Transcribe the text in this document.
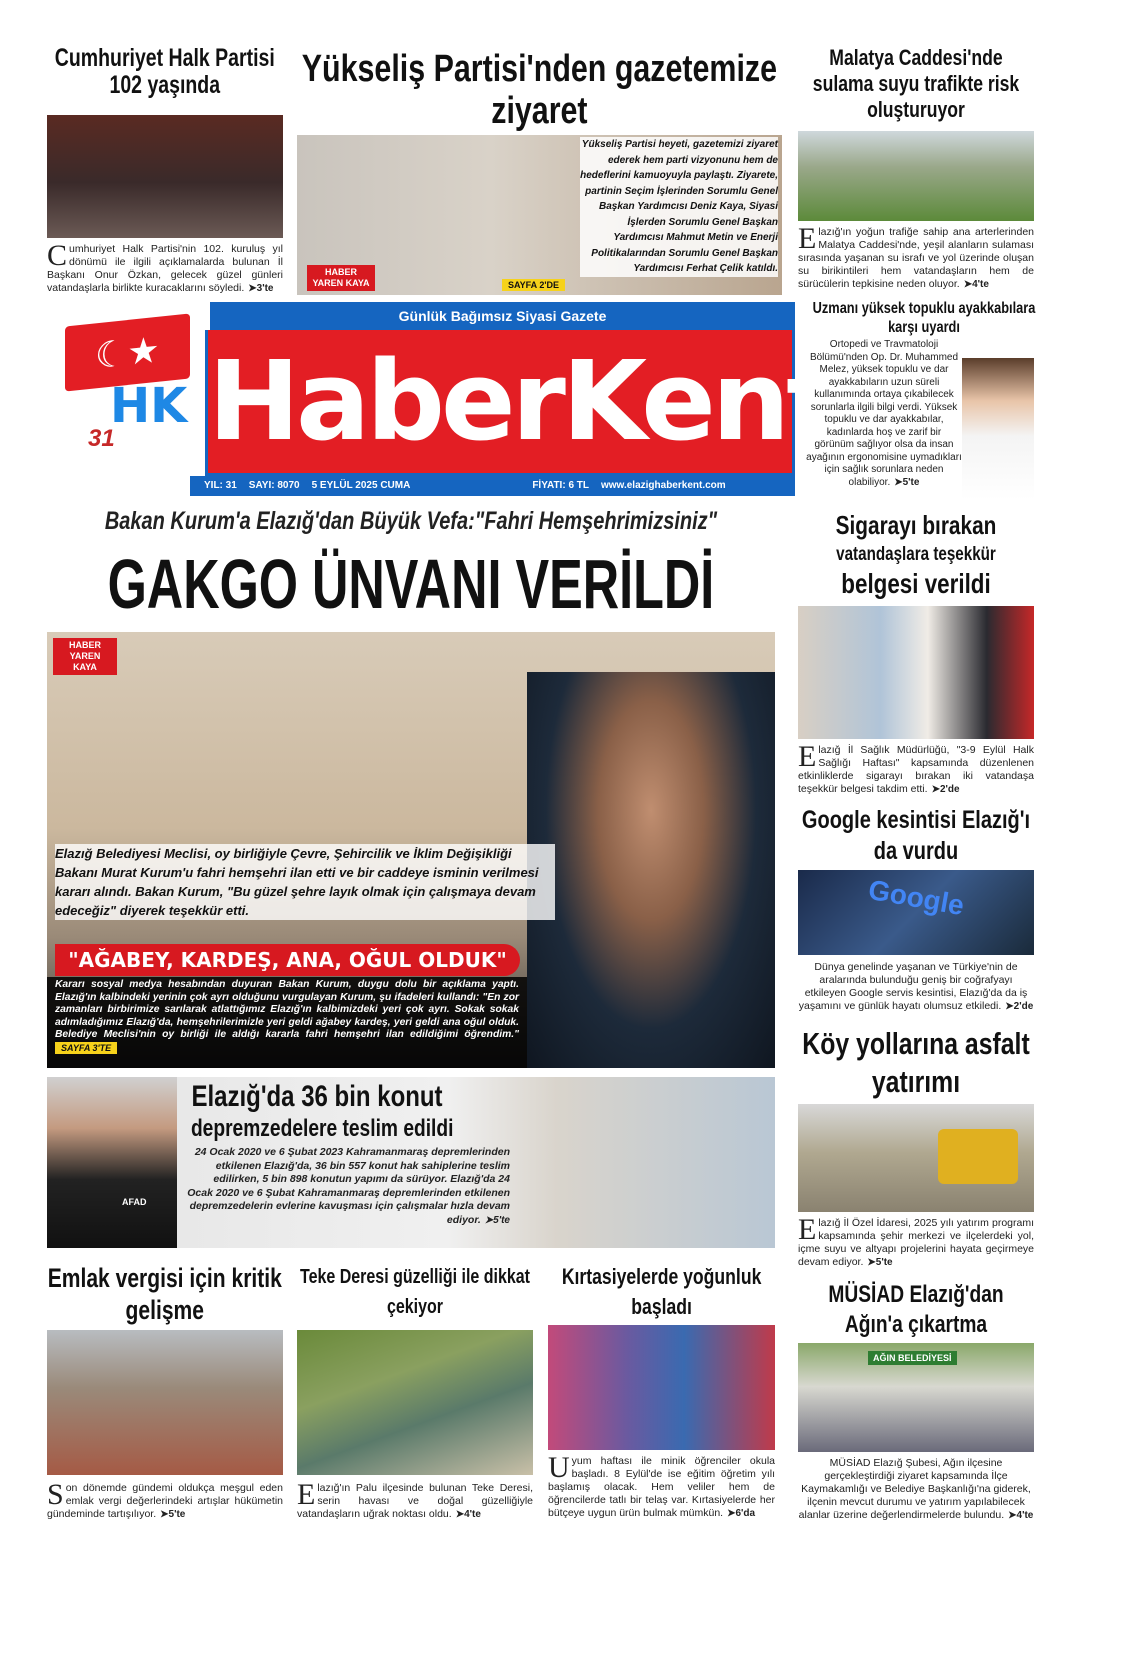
Cumhuriyet Halk Partisi 102 yaşında
Cumhuriyet Halk Partisi'nin 102. kuruluş yıl dönümü ile ilgili açıklamalarda bulunan İl Başkanı Onur Özkan, gelecek güzel günleri vatandaşlarla birlikte kuracaklarını söyledi. ➤3'te
Yükseliş Partisi'nden gazetemize ziyaret
HABER YAREN KAYA	SAYFA 2'DE
Yükseliş Partisi heyeti, gazetemizi ziyaret ederek hem parti vizyonunu hem de hedeflerini kamuoyuyla paylaştı. Ziyarete, partinin Seçim İşlerinden Sorumlu Genel Başkan Yardımcısı Deniz Kaya, Siyasi İşlerden Sorumlu Genel Başkan Yardımcısı Mahmut Metin ve Enerji Politikalarından Sorumlu Genel Başkan Yardımcısı Ferhat Çelik katıldı.
Malatya Caddesi'nde sulama suyu trafikte risk oluşturuyor
Elazığ'ın yoğun trafiğe sahip ana arterlerinden Malatya Caddesi'nde, yeşil alanların sulaması sırasında yaşanan su israfı ve yol üzerinde oluşan su birikintileri hem vatandaşların hem de sürücülerin tepkisine neden oluyor. ➤4'te
☾★
HK
31
Günlük Bağımsız Siyasi Gazete
HaberKent
YIL: 31 SAYI: 8070 5 EYLÜL 2025 CUMA	FİYATI: 6 TL www.elazighaberkent.com
Uzmanı yüksek topuklu ayakkabılara karşı uyardı
Ortopedi ve Travmatoloji Bölümü'nden Op. Dr. Muhammed Melez, yüksek topuklu ve dar ayakkabıların uzun süreli kullanımında ortaya çıkabilecek sorunlarla ilgili bilgi verdi. Yüksek topuklu ve dar ayakkabılar, kadınlarda hoş ve zarif bir görünüm sağlıyor olsa da insan ayağının ergonomisine uymadıkları için sağlık sorunlara neden olabiliyor. ➤5'te
Bakan Kurum'a Elazığ'dan Büyük Vefa:"Fahri Hemşehrimizsiniz"
GAKGO ÜNVANI VERİLDİ
HABER YAREN KAYA
Elazığ Belediyesi Meclisi, oy birliğiyle Çevre, Şehircilik ve İklim Değişikliği Bakanı Murat Kurum'u fahri hemşehri ilan etti ve bir caddeye isminin verilmesi kararı alındı. Bakan Kurum, "Bu güzel şehre layık olmak için çalışmaya devam edeceğiz" diyerek teşekkür etti.
"AĞABEY, KARDEŞ, ANA, OĞUL OLDUK"
Kararı sosyal medya hesabından duyuran Bakan Kurum, duygu dolu bir açıklama yaptı. Elazığ'ın kalbindeki yerinin çok ayrı olduğunu vurgulayan Kurum, şu ifadeleri kullandı: "En zor zamanları birbirimize sarılarak atlattığımız Elazığ'ın kalbimizdeki yeri çok ayrı. Sokak sokak adımladığımız Elazığ'da, hemşehrilerimizle yeri geldi ağabey kardeş, yeri geldi ana oğul olduk. Belediye Meclisi'nin oy birliği ile aldığı kararla fahri hemşehri ilan edildiğimi öğrendim." SAYFA 3'TE
AFAD
Elazığ'da 36 bin konut
depremzedelere teslim edildi
24 Ocak 2020 ve 6 Şubat 2023 Kahramanmaraş depremlerinden etkilenen Elazığ'da, 36 bin 557 konut hak sahiplerine teslim edilirken, 5 bin 898 konutun yapımı da sürüyor. Elazığ'da 24 Ocak 2020 ve 6 Şubat Kahramanmaraş depremlerinden etkilenen depremzedelerin evlerine kavuşması için çalışmalar hızla devam ediyor. ➤5'te
Emlak vergisi için kritik gelişme
Son dönemde gündemi oldukça meşgul eden emlak vergi değerlerindeki artışlar hükümetin gündeminde tartışılıyor. ➤5'te
Teke Deresi güzelliği ile dikkat çekiyor
Elazığ'ın Palu ilçesinde bulunan Teke Deresi, serin havası ve doğal güzelliğiyle vatandaşların uğrak noktası oldu. ➤4'te
Kırtasiyelerde yoğunluk başladı
Uyum haftası ile minik öğrenciler okula başladı. 8 Eylül'de ise eğitim öğretim yılı başlamış olacak. Hem veliler hem de öğrencilerde tatlı bir telaş var. Kırtasiyelerde her bütçeye uygun ürün bulmak mümkün. ➤6'da
Sigarayı bırakan
vatandaşlara teşekkür
belgesi verildi
Elazığ İl Sağlık Müdürlüğü, "3-9 Eylül Halk Sağlığı Haftası" kapsamında düzenlenen etkinliklerde sigarayı bırakan iki vatandaşa teşekkür belgesi takdim etti. ➤2'de
Google kesintisi Elazığ'ı da vurdu
Google
Dünya genelinde yaşanan ve Türkiye'nin de aralarında bulunduğu geniş bir coğrafyayı etkileyen Google servis kesintisi, Elazığ'da da iş yaşamını ve günlük hayatı olumsuz etkiledi. ➤2'de
Köy yollarına asfalt yatırımı
Elazığ İl Özel İdaresi, 2025 yılı yatırım programı kapsamında şehir merkezi ve ilçelerdeki yol, içme suyu ve altyapı projelerini hayata geçirmeye devam ediyor. ➤5'te
MÜSİAD Elazığ'dan Ağın'a çıkartma
AĞIN BELEDİYESİ
MÜSİAD Elazığ Şubesi, Ağın ilçesine gerçekleştirdiği ziyaret kapsamında İlçe Kaymakamlığı ve Belediye Başkanlığı'na giderek, ilçenin mevcut durumu ve yatırım yapılabilecek alanlar üzerine değerlendirmelerde bulundu. ➤4'te
